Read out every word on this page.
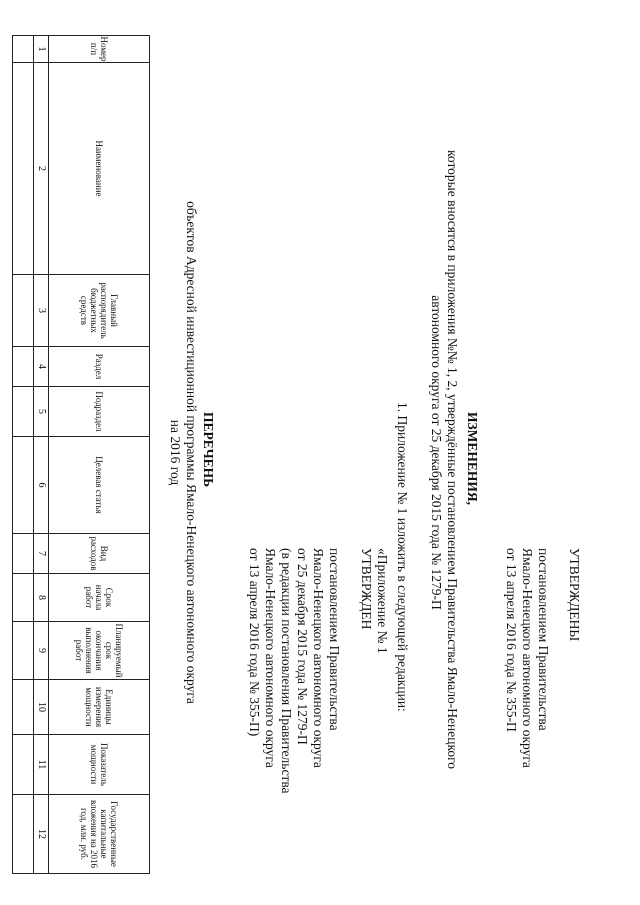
УТВЕРЖДЕНЫ
постановлением Правительства
Ямало-Ненецкого автономного округа
от 13 апреля 2016 года № 355-П
ИЗМЕНЕНИЯ,
которые вносятся в приложения №№ 1, 2, утверждённые постановлением Правительства Ямало-Ненецкого
автономного округа от 25 декабря 2015 года № 1279-П
1. Приложение № 1 изложить в следующей редакции:
«Приложение № 1
УТВЕРЖДЕН
постановлением Правительства
Ямало-Ненецкого автономного округа
от 25 декабря 2015 года № 1279-П
(в редакции постановления Правительства
Ямало-Ненецкого автономного округа
от 13 апреля 2016 года № 355-П)
ПЕРЕЧЕНЬ
объектов Адресной инвестиционной программы Ямало-Ненецкого автономного округа
на 2016 год
Номер п/п	Наименование	Главный распорядитель бюджетных средств	Раздел	Подраздел	Целевая статья	Вид расходов	Срок начала работ	Планируемый срок окончания выполнения работ	Единицы измерения мощности	Показатель мощности	Государственные капитальные вложения на 2016 год, млн. руб.
1	2	3	4	5	6	7	8	9	10	11	12
